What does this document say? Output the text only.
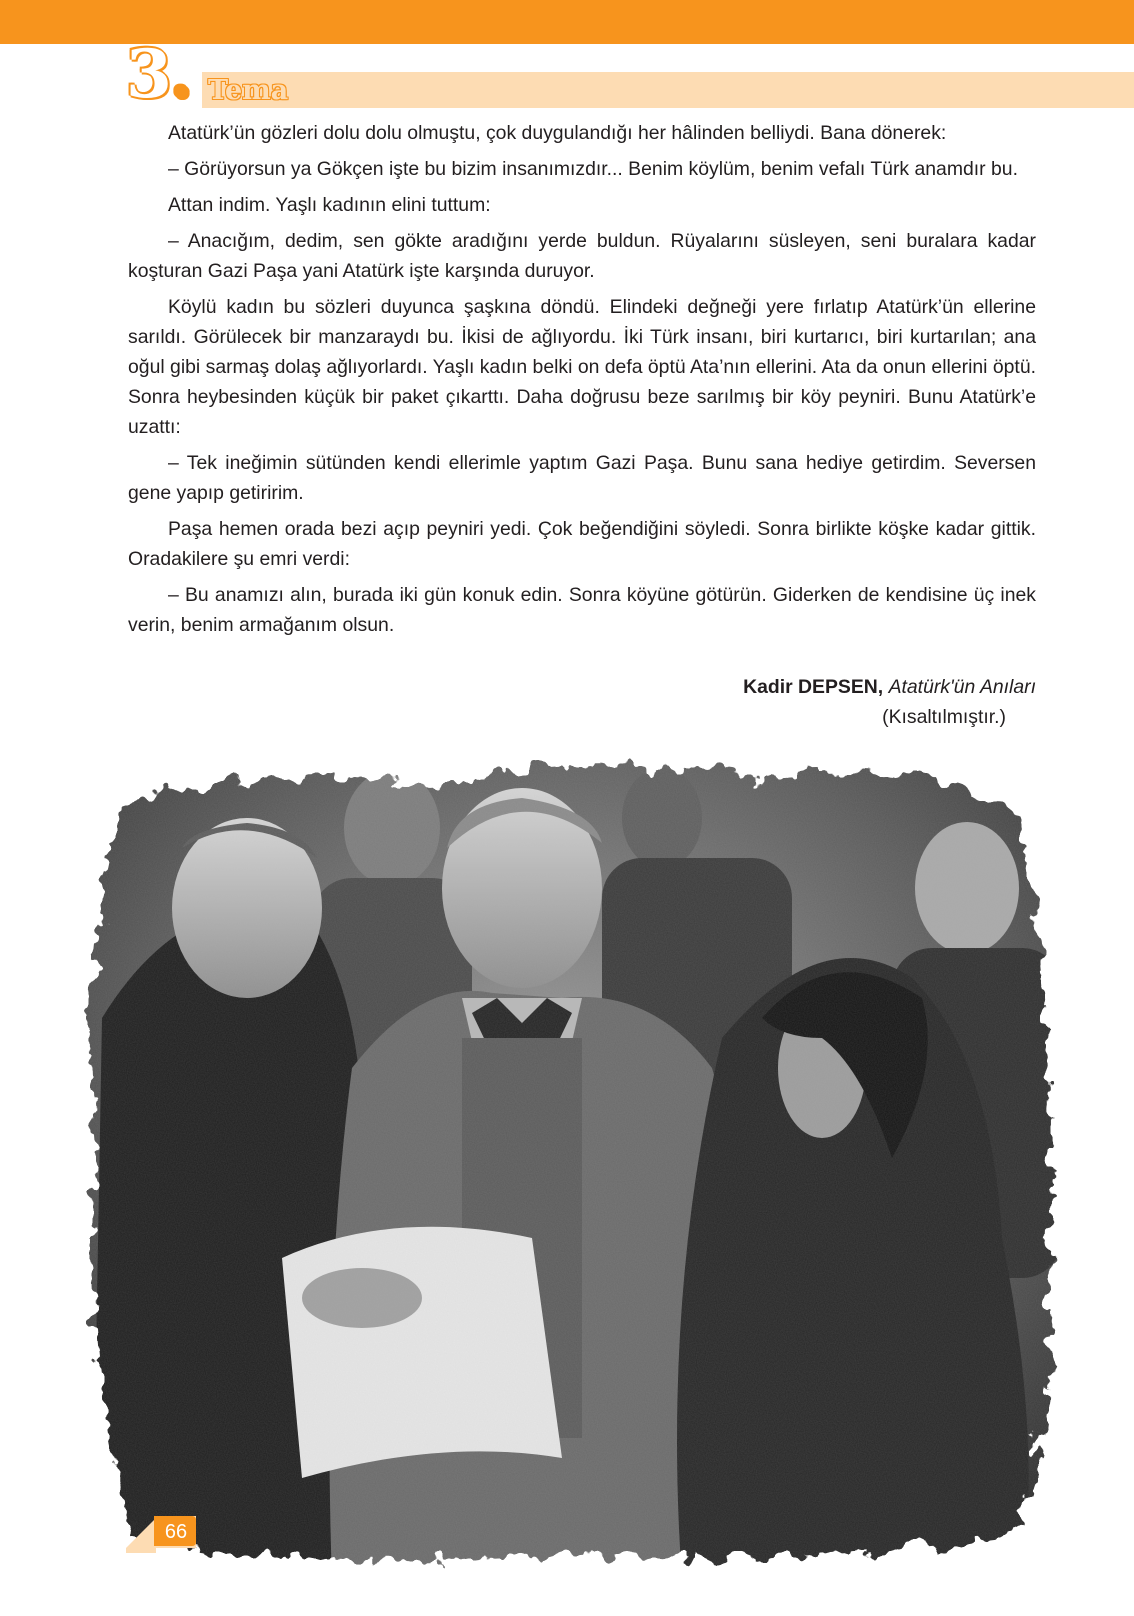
3. Tema

Atatürk’ün gözleri dolu dolu olmuştu, çok duygulandığı her hâlinden belliydi. Bana dönerek:

– Görüyorsun ya Gökçen işte bu bizim insanımızdır... Benim köylüm, benim vefalı Türk anamdır bu.

Attan indim. Yaşlı kadının elini tuttum:

– Anacığım, dedim, sen gökte aradığını yerde buldun. Rüyalarını süsleyen, seni buralara kadar koşturan Gazi Paşa yani Atatürk işte karşında duruyor.

Köylü kadın bu sözleri duyunca şaşkına döndü. Elindeki değneği yere fırlatıp Atatürk’ün ellerine sarıldı. Görülecek bir manzaraydı bu. İkisi de ağlıyordu. İki Türk insanı, biri kurtarıcı, biri kurtarılan; ana oğul gibi sarmaş dolaş ağlıyorlardı. Yaşlı kadın belki on defa öptü Ata’nın ellerini. Ata da onun ellerini öptü. Sonra heybesinden küçük bir paket çıkarttı. Daha doğrusu beze sarılmış bir köy peyniri. Bunu Atatürk’e uzattı:

– Tek ineğimin sütünden kendi ellerimle yaptım Gazi Paşa. Bunu sana hediye getirdim. Seversen gene yapıp getiririm.

Paşa hemen orada bezi açıp peyniri yedi. Çok beğendiğini söyledi. Sonra birlikte köşke kadar gittik. Oradakilere şu emri verdi:

– Bu anamızı alın, burada iki gün konuk edin. Sonra köyüne götürün. Giderken de kendisine üç inek verin, benim armağanım olsun.

Kadir DEPSEN, Atatürk'ün Anıları
(Kısaltılmıştır.)
66
